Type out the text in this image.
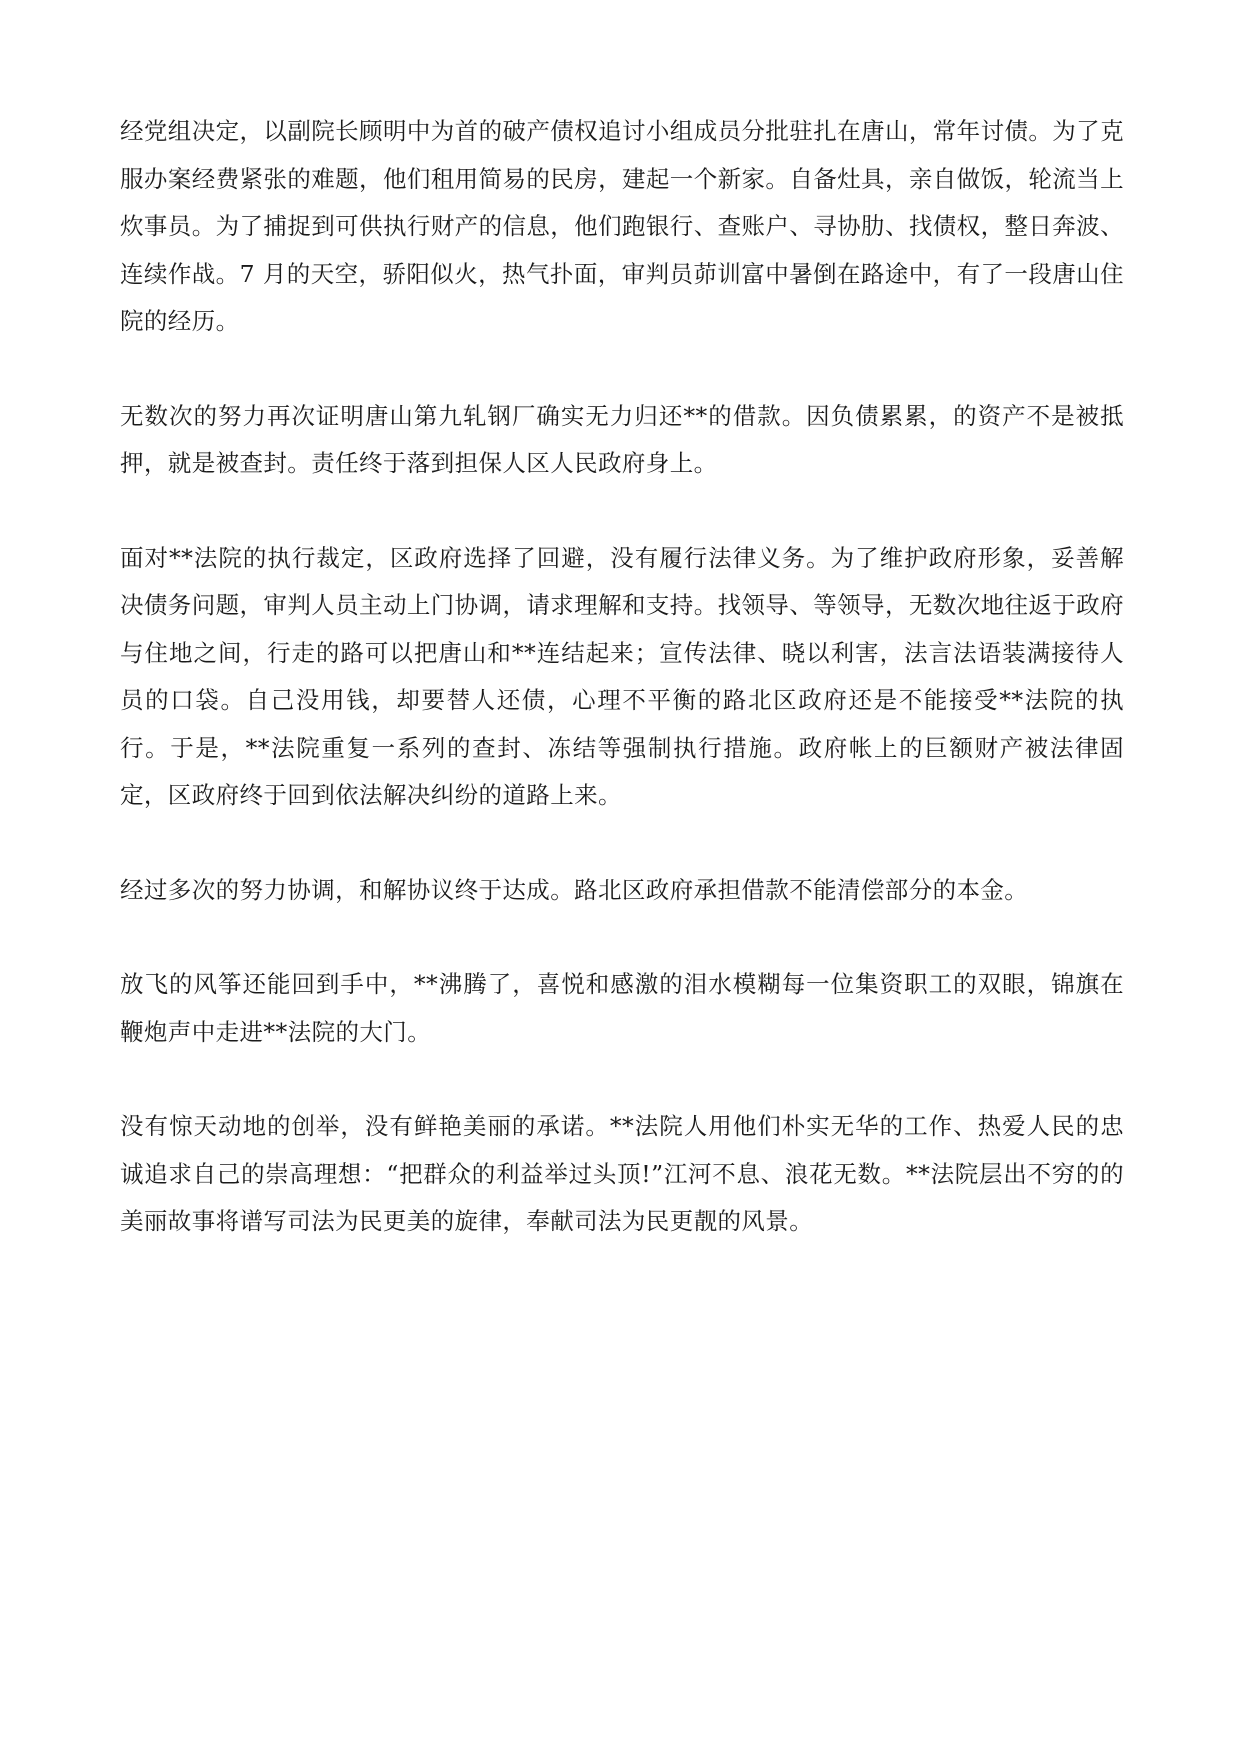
经党组决定，以副院长顾明中为首的破产债权追讨小组成员分批驻扎在唐山，常年讨债。为了克服办案经费紧张的难题，他们租用简易的民房，建起一个新家。自备灶具，亲自做饭，轮流当上炊事员。为了捕捉到可供执行财产的信息，他们跑银行、查账户、寻协肋、找债权，整日奔波、连续作战。7 月的天空，骄阳似火，热气扑面，审判员茆训富中暑倒在路途中，有了一段唐山住院的经历。

无数次的努力再次证明唐山第九轧钢厂确实无力归还**的借款。因负债累累，的资产不是被抵押，就是被查封。责任终于落到担保人区人民政府身上。

面对**法院的执行裁定，区政府选择了回避，没有履行法律义务。为了维护政府形象，妥善解决债务问题，审判人员主动上门协调，请求理解和支持。找领导、等领导，无数次地往返于政府与住地之间，行走的路可以把唐山和**连结起来；宣传法律、晓以利害，法言法语装满接待人员的口袋。自己没用钱，却要替人还债，心理不平衡的路北区政府还是不能接受**法院的执行。于是，**法院重复一系列的查封、冻结等强制执行措施。政府帐上的巨额财产被法律固定，区政府终于回到依法解决纠纷的道路上来。

经过多次的努力协调，和解协议终于达成。路北区政府承担借款不能清偿部分的本金。

放飞的风筝还能回到手中，**沸腾了，喜悦和感激的泪水模糊每一位集资职工的双眼，锦旗在鞭炮声中走进**法院的大门。

没有惊天动地的创举，没有鲜艳美丽的承诺。**法院人用他们朴实无华的工作、热爱人民的忠诚追求自己的崇高理想：“把群众的利益举过头顶!”江河不息、浪花无数。**法院层出不穷的的美丽故事将谱写司法为民更美的旋律，奉献司法为民更靓的风景。
